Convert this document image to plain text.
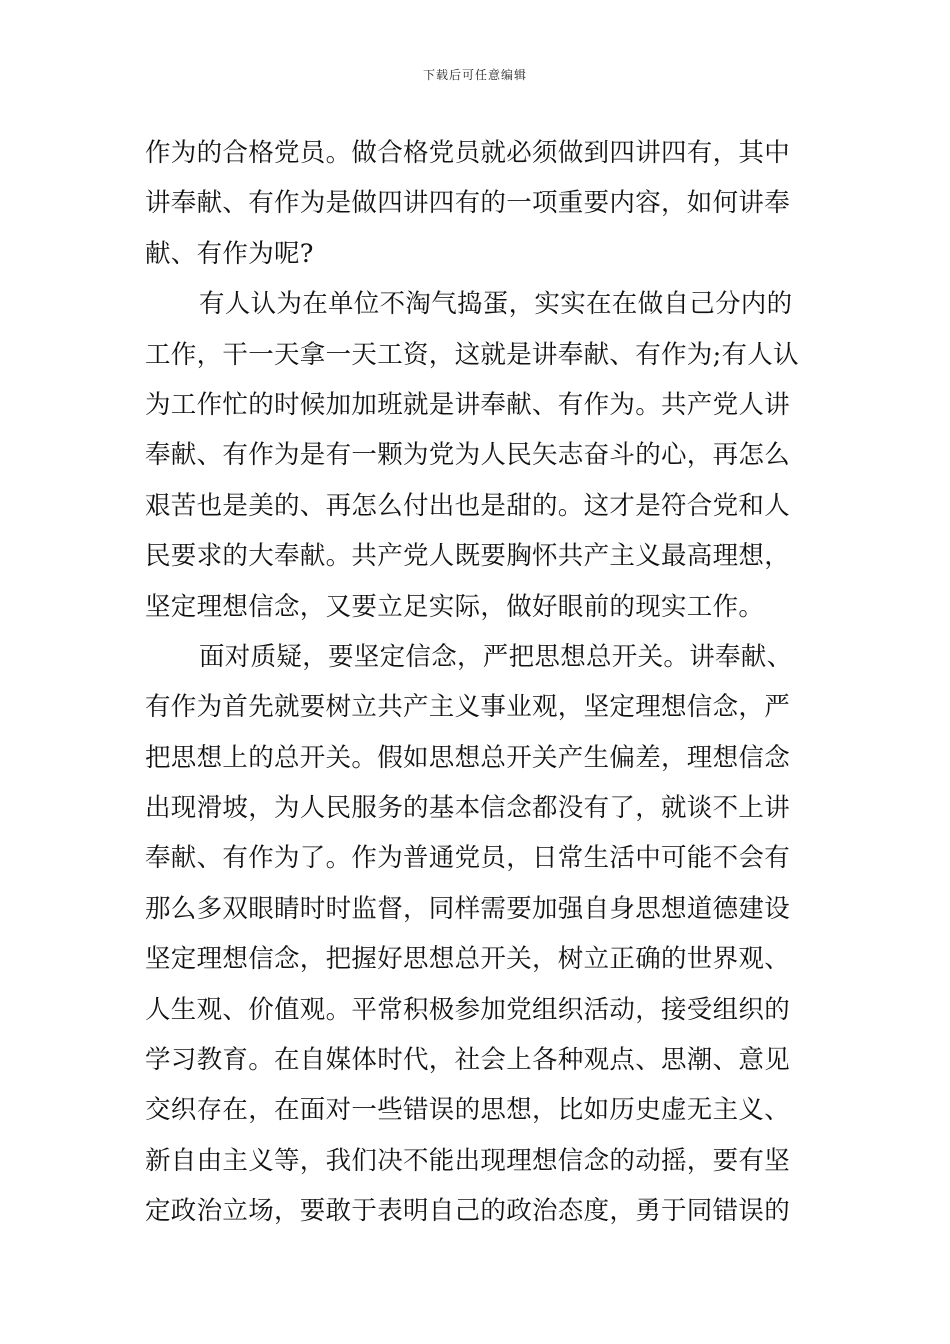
下载后可任意编辑
作为的合格党员。做合格党员就必须做到四讲四有，其中
讲奉献、有作为是做四讲四有的一项重要内容，如何讲奉
献、有作为呢?
有人认为在单位不淘气捣蛋，实实在在做自己分内的
工作，干一天拿一天工资，这就是讲奉献、有作为;有人认
为工作忙的时候加加班就是讲奉献、有作为。共产党人讲
奉献、有作为是有一颗为党为人民矢志奋斗的心，再怎么
艰苦也是美的、再怎么付出也是甜的。这才是符合党和人
民要求的大奉献。共产党人既要胸怀共产主义最高理想，
坚定理想信念，又要立足实际，做好眼前的现实工作。
面对质疑，要坚定信念，严把思想总开关。讲奉献、
有作为首先就要树立共产主义事业观，坚定理想信念，严
把思想上的总开关。假如思想总开关产生偏差，理想信念
出现滑坡，为人民服务的基本信念都没有了，就谈不上讲
奉献、有作为了。作为普通党员，日常生活中可能不会有
那么多双眼睛时时监督，同样需要加强自身思想道德建设
坚定理想信念，把握好思想总开关，树立正确的世界观、
人生观、价值观。平常积极参加党组织活动，接受组织的
学习教育。在自媒体时代，社会上各种观点、思潮、意见
交织存在，在面对一些错误的思想，比如历史虚无主义、
新自由主义等，我们决不能出现理想信念的动摇，要有坚
定政治立场，要敢于表明自己的政治态度，勇于同错误的
